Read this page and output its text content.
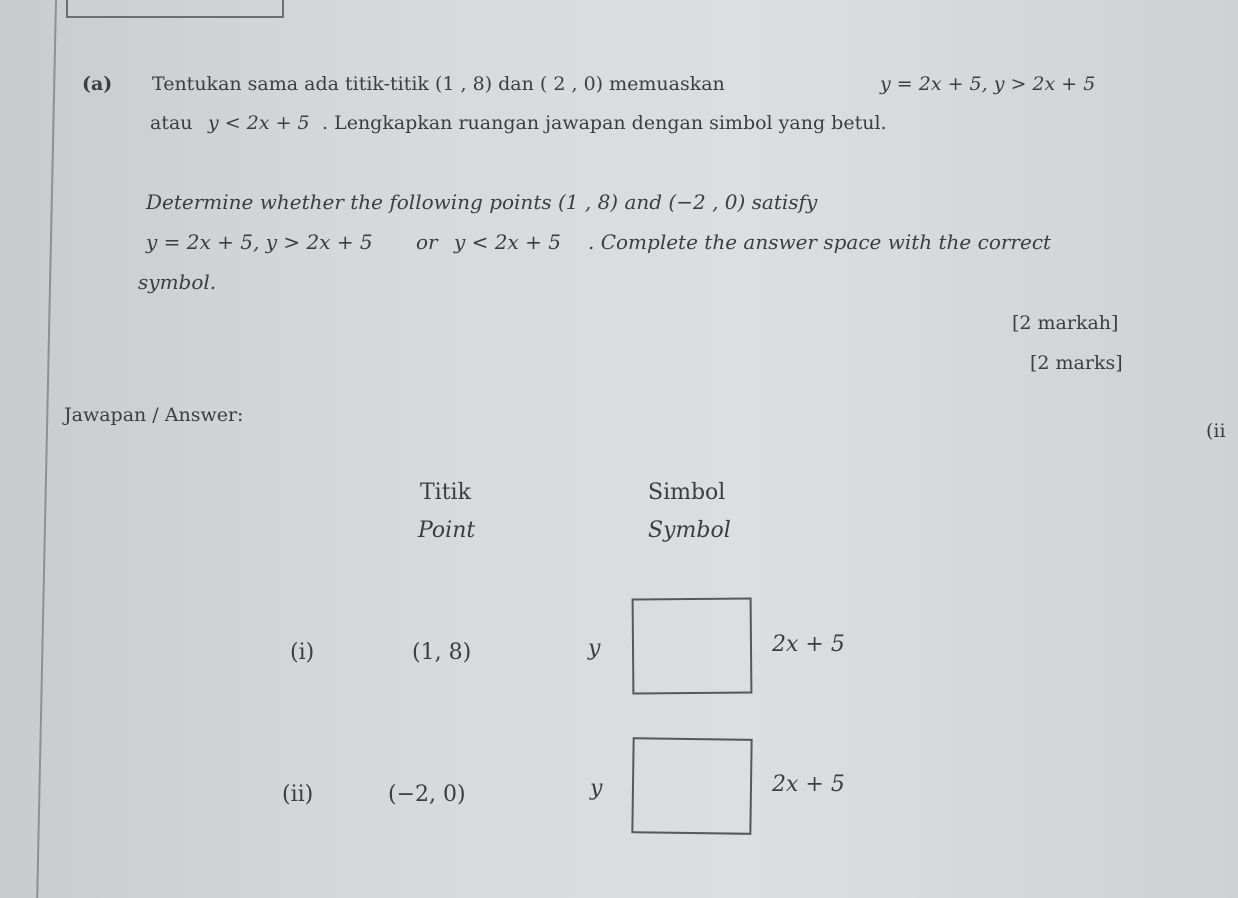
(a) Tentukan sama ada titik-titik (1 , 8) dan ( 2 , 0) memuaskan	y = 2x + 5, y > 2x + 5
atau y < 2x + 5 . Lengkapkan ruangan jawapan dengan simbol yang betul.
Determine whether the following points (1 , 8) and (−2 , 0) satisfy
y = 2x + 5, y > 2x + 5 or y < 2x + 5 . Complete the answer space with the correct
symbol.
[2 markah]
[2 marks]
Jawapan / Answer:
(ii
Titik
Point
Simbol
Symbol
(i)	(1, 8)	y	2x + 5
(ii)	(−2, 0)	y	2x + 5
